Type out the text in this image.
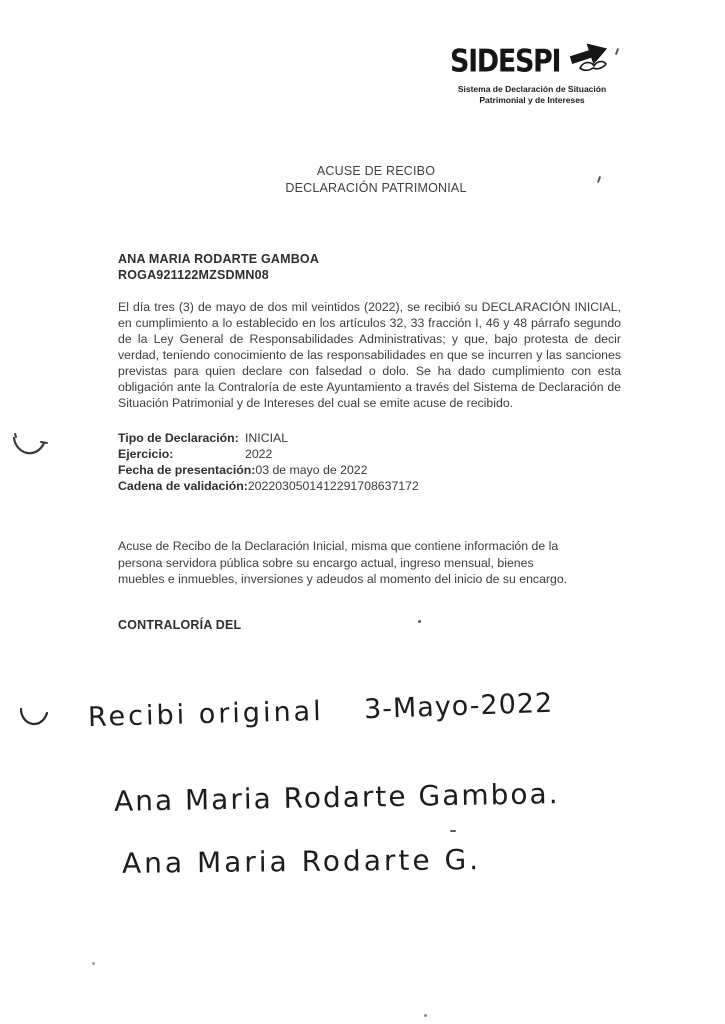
SIDESPI
Sistema de Declaración de Situación
Patrimonial y de Intereses
ACUSE DE RECIBO
DECLARACIÓN PATRIMONIAL
ANA MARIA RODARTE GAMBOA
ROGA921122MZSDMN08
El día tres (3) de mayo de dos mil veintidos (2022), se recibió su DECLARACIÓN INICIAL, en cumplimiento a lo establecido en los artículos 32, 33 fracción I, 46 y 48 párrafo segundo de la Ley General de Responsabilidades Administrativas; y que, bajo protesta de decir verdad, teniendo conocimiento de las responsabilidades en que se incurren y las sanciones previstas para quien declare con falsedad o dolo. Se ha dado cumplimiento con esta obligación ante la Contraloría de este Ayuntamiento a través del Sistema de Declaración de Situación Patrimonial y de Intereses del cual se emite acuse de recibido.
Tipo de Declaración: INICIAL
Ejercicio:	2022
Fecha de presentación: 03 de mayo de 2022
Cadena de validación: 2022030501412291708637172
Acuse de Recibo de la Declaración Inicial, misma que contiene información de la persona servidora pública sobre su encargo actual, ingreso mensual, bienes muebles e inmuebles, inversiones y adeudos al momento del inicio de su encargo.
CONTRALORÍA DEL
Recibi original 3-Mayo-2022
Ana Maria Rodarte Gamboa.
Ana Maria Rodarte G.
